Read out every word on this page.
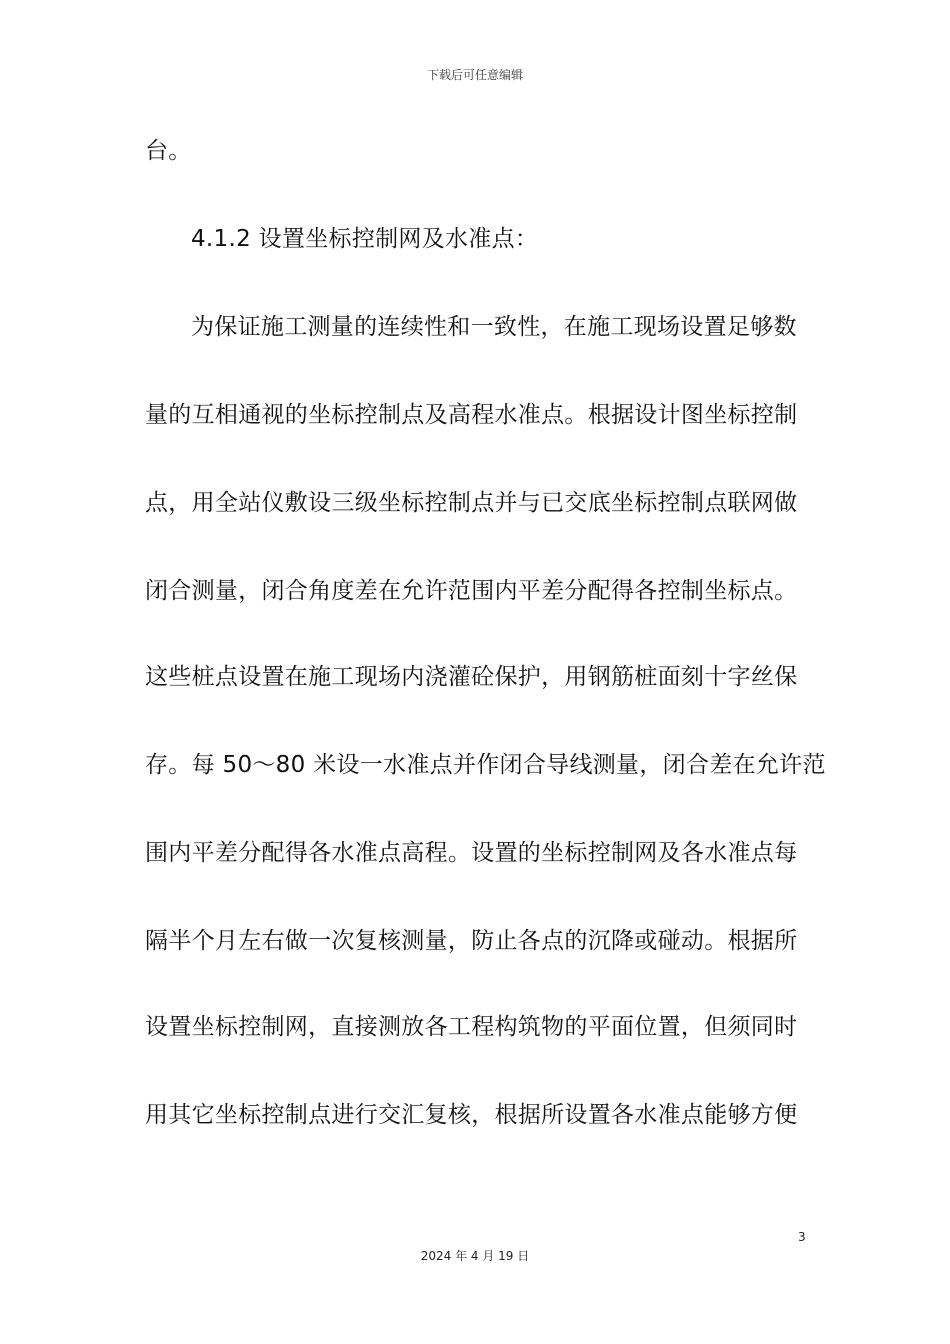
下载后可任意编辑
台。
4.1.2 设置坐标控制网及水准点：
为保证施工测量的连续性和一致性，在施工现场设置足够数
量的互相通视的坐标控制点及高程水准点。根据设计图坐标控制
点，用全站仪敷设三级坐标控制点并与已交底坐标控制点联网做
闭合测量，闭合角度差在允许范围内平差分配得各控制坐标点。
这些桩点设置在施工现场内浇灌砼保护，用钢筋桩面刻十字丝保
存。每 50～80 米设一水准点并作闭合导线测量，闭合差在允许范
围内平差分配得各水准点高程。设置的坐标控制网及各水准点每
隔半个月左右做一次复核测量，防止各点的沉降或碰动。根据所
设置坐标控制网，直接测放各工程构筑物的平面位置，但须同时
用其它坐标控制点进行交汇复核，根据所设置各水准点能够方便
3
2024 年 4 月 19 日
